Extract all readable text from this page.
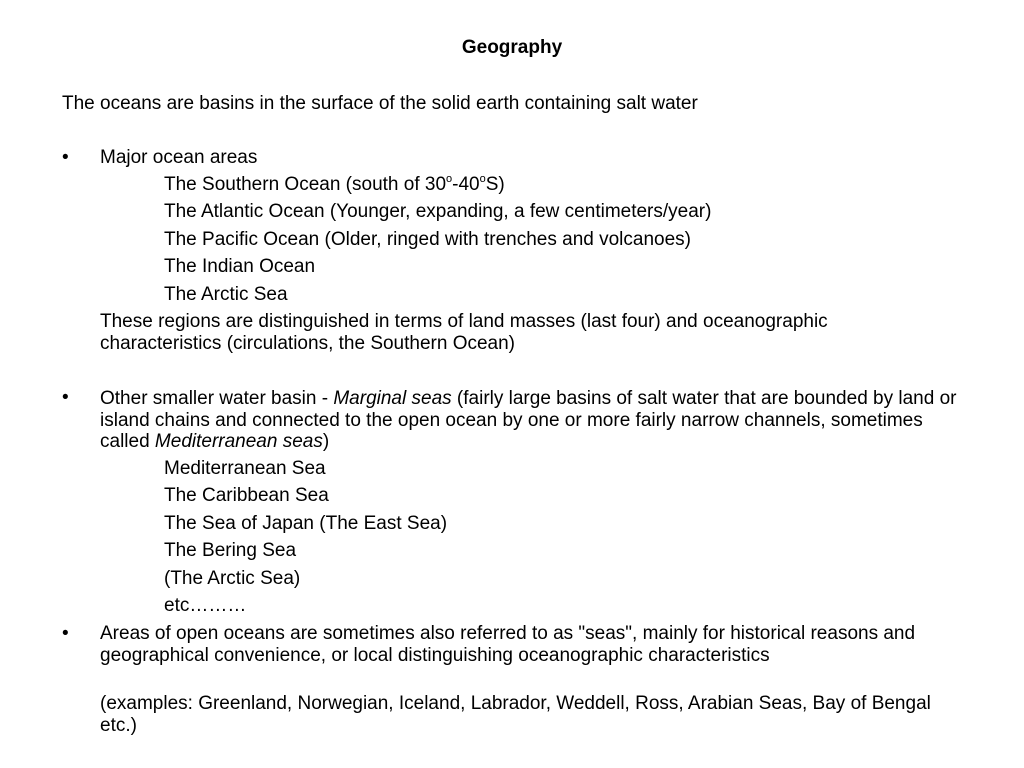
Geography
The oceans are basins in the surface of the solid earth containing salt water
• Major ocean areas
The Southern Ocean (south of 30$^o$-40$^o$S)
The Atlantic Ocean (Younger, expanding, a few centimeters/year)
The Pacific Ocean (Older, ringed with trenches and volcanoes)
The Indian Ocean
The Arctic Sea
These regions are distinguished in terms of land masses (last four) and oceanographic characteristics (circulations, the Southern Ocean)
• Other smaller water basin - Marginal seas (fairly large basins of salt water that are bounded by land or island chains and connected to the open ocean by one or more fairly narrow channels, sometimes called Mediterranean seas)
Mediterranean Sea
The Caribbean Sea
The Sea of Japan (The East Sea)
The Bering Sea
(The Arctic Sea)
etc………
• Areas of open oceans are sometimes also referred to as "seas", mainly for historical reasons and geographical convenience, or local distinguishing oceanographic characteristics
(examples: Greenland, Norwegian, Iceland, Labrador, Weddell, Ross, Arabian Seas, Bay of Bengal etc.)
